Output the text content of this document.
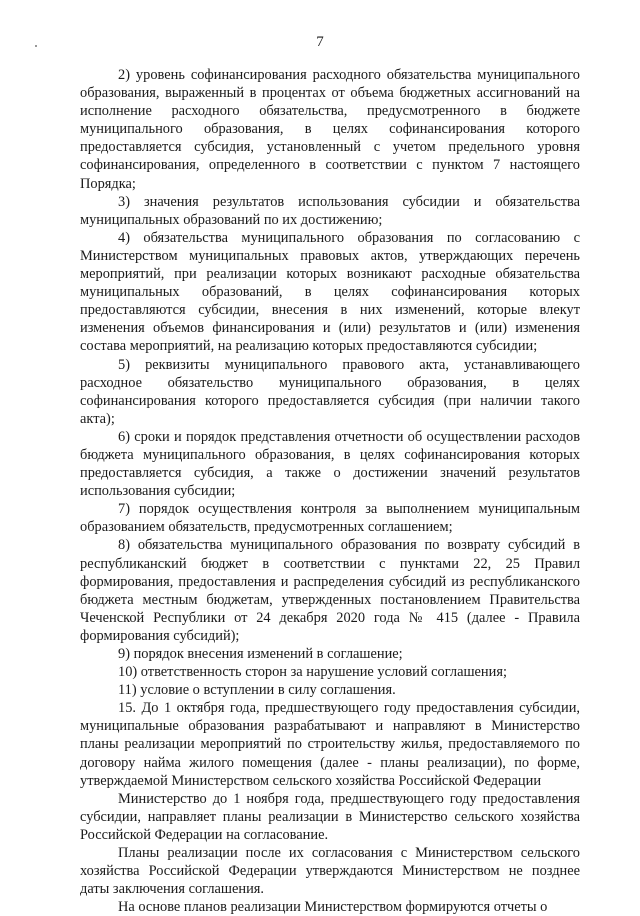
7

2) уровень софинансирования расходного обязательства муниципального образования, выраженный в процентах от объема бюджетных ассигнований на исполнение расходного обязательства, предусмотренного в бюджете муниципального образования, в целях софинансирования которого предоставляется субсидия, установленный с учетом предельного уровня софинансирования, определенного в соответствии с пунктом 7 настоящего Порядка;

3) значения результатов использования субсидии и обязательства муниципальных образований по их достижению;

4) обязательства муниципального образования по согласованию с Министерством муниципальных правовых актов, утверждающих перечень мероприятий, при реализации которых возникают расходные обязательства муниципальных образований, в целях софинансирования которых предоставляются субсидии, внесения в них изменений, которые влекут изменения объемов финансирования и (или) результатов и (или) изменения состава мероприятий, на реализацию которых предоставляются субсидии;

5) реквизиты муниципального правового акта, устанавливающего расходное обязательство муниципального образования, в целях софинансирования которого предоставляется субсидия (при наличии такого акта);

6) сроки и порядок представления отчетности об осуществлении расходов бюджета муниципального образования, в целях софинансирования которых предоставляется субсидия, а также о достижении значений результатов использования субсидии;

7) порядок осуществления контроля за выполнением муниципальным образованием обязательств, предусмотренных соглашением;

8) обязательства муниципального образования по возврату субсидий в республиканский бюджет в соответствии с пунктами 22, 25 Правил формирования, предоставления и распределения субсидий из республиканского бюджета местным бюджетам, утвержденных постановлением Правительства Чеченской Республики от 24 декабря 2020 года № 415 (далее - Правила формирования субсидий);

9) порядок внесения изменений в соглашение;

10) ответственность сторон за нарушение условий соглашения;

11) условие о вступлении в силу соглашения.

15. До 1 октября года, предшествующего году предоставления субсидии, муниципальные образования разрабатывают и направляют в Министерство планы реализации мероприятий по строительству жилья, предоставляемого по договору найма жилого помещения (далее - планы реализации), по форме, утверждаемой Министерством сельского хозяйства Российской Федерации

Министерство до 1 ноября года, предшествующего году предоставления субсидии, направляет планы реализации в Министерство сельского хозяйства Российской Федерации на согласование.

Планы реализации после их согласования с Министерством сельского хозяйства Российской Федерации утверждаются Министерством не позднее даты заключения соглашения.

На основе планов реализации Министерством формируются отчеты о
